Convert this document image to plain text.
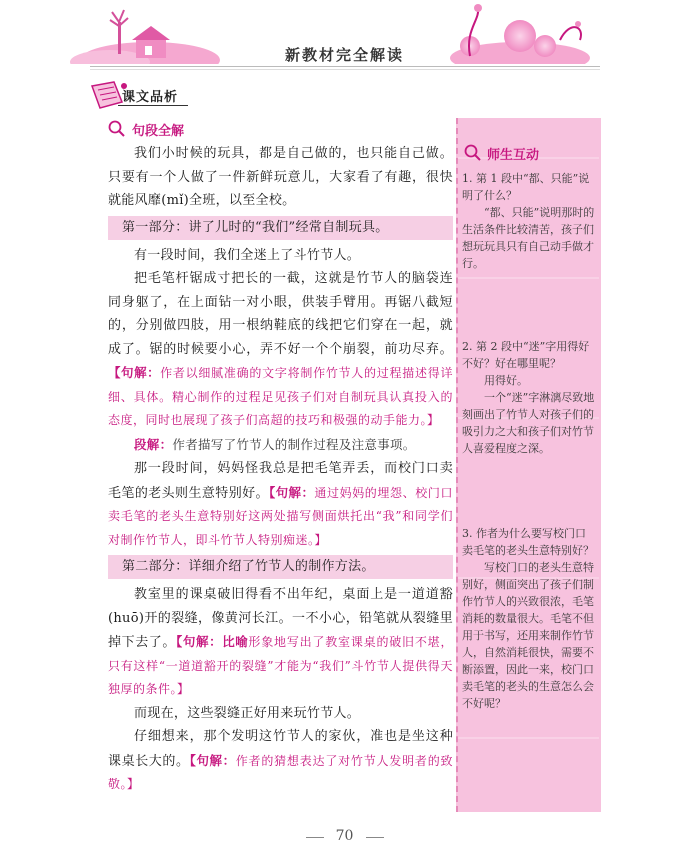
新教材完全解读
课文品析
句段全解

我们小时候的玩具，都是自己做的，也只能自己做。只要有一个人做了一件新鲜玩意儿，大家看了有趣，很快就能风靡(mǐ)全班，以至全校。

第一部分：讲了儿时的“我们”经常自制玩具。

有一段时间，我们全迷上了斗竹节人。

把毛笔杆锯成寸把长的一截，这就是竹节人的脑袋连同身躯了，在上面钻一对小眼，供装手臂用。再锯八截短的，分别做四肢，用一根纳鞋底的线把它们穿在一起，就成了。锯的时候要小心，弄不好一个个崩裂，前功尽弃。【句解：作者以细腻准确的文字将制作竹节人的过程描述得详细、具体。精心制作的过程足见孩子们对自制玩具认真投入的态度，同时也展现了孩子们高超的技巧和极强的动手能力。】

段解：作者描写了竹节人的制作过程及注意事项。

那一段时间，妈妈怪我总是把毛笔弄丢，而校门口卖毛笔的老头则生意特别好。【句解：通过妈妈的埋怨、校门口卖毛笔的老头生意特别好这两处描写侧面烘托出“我”和同学们对制作竹节人，即斗竹节人特别痴迷。】

第二部分：详细介绍了竹节人的制作方法。

教室里的课桌破旧得看不出年纪，桌面上是一道道豁(huō)开的裂缝，像黄河长江。一不小心，铅笔就从裂缝里掉下去了。【句解：比喻形象地写出了教室课桌的破旧不堪，只有这样“一道道豁开的裂缝”才能为“我们”斗竹节人提供得天独厚的条件。】

而现在，这些裂缝正好用来玩竹节人。

仔细想来，那个发明这竹节人的家伙，准也是坐这种课桌长大的。【句解：作者的猜想表达了对竹节人发明者的致敬。】

师生互动

1. 第 1 段中“都、只能”说明了什么？

“都、只能”说明那时的生活条件比较清苦，孩子们想玩玩具只有自己动手做才行。

2. 第 2 段中“迷”字用得好不好？好在哪里呢？

用得好。

一个“迷”字淋漓尽致地刻画出了竹节人对孩子们的吸引力之大和孩子们对竹节人喜爱程度之深。

3. 作者为什么要写校门口卖毛笔的老头生意特别好？

写校门口的老头生意特别好，侧面突出了孩子们制作竹节人的兴致很浓，毛笔消耗的数量很大。毛笔不但用于书写，还用来制作竹节人，自然消耗很快，需要不断添置，因此一来，校门口卖毛笔的老头的生意怎么会不好呢？

70
